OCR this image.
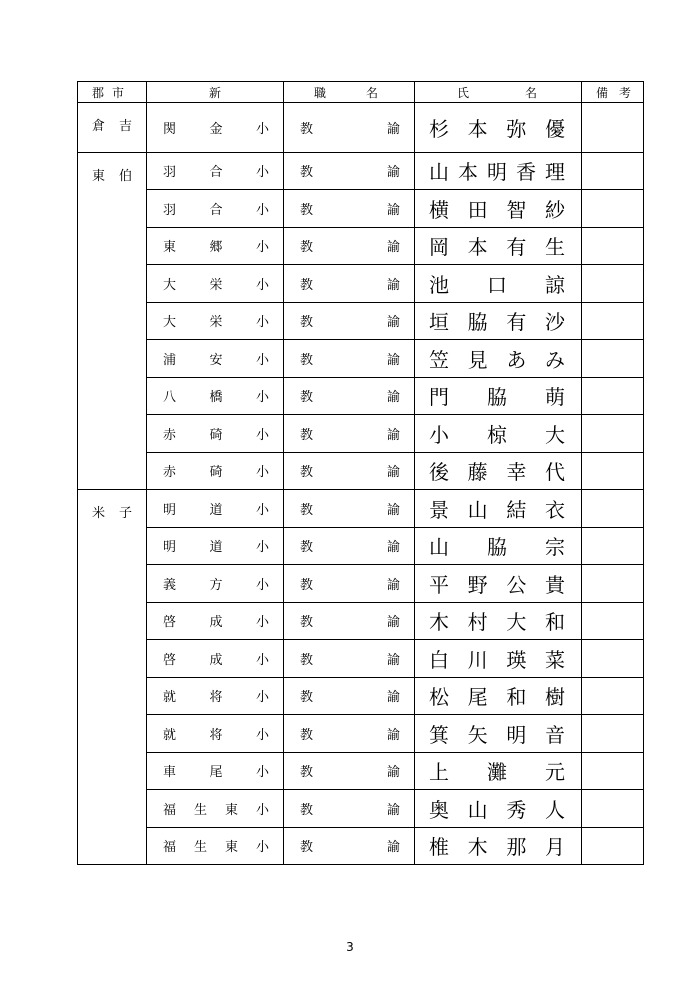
郡 市	新	職 名	氏 名	備 考

倉 吉	関 金 小	教 諭	杉 本 弥 優	

東 伯	羽 合 小	教 諭	山 本 明 香 理	

	羽 合 小	教 諭	横 田 智 紗	

	東 郷 小	教 諭	岡 本 有 生	

	大 栄 小	教 諭	池 口 諒	

	大 栄 小	教 諭	垣 脇 有 沙	

	浦 安 小	教 諭	笠 見 あ み	

	八 橋 小	教 諭	門 脇 萌	

	赤 碕 小	教 諭	小 椋 大	

	赤 碕 小	教 諭	後 藤 幸 代	

米 子	明 道 小	教 諭	景 山 結 衣	

	明 道 小	教 諭	山 脇 宗	

	義 方 小	教 諭	平 野 公 貴	

	啓 成 小	教 諭	木 村 大 和	

	啓 成 小	教 諭	白 川 瑛 菜	

	就 将 小	教 諭	松 尾 和 樹	

	就 将 小	教 諭	箕 矢 明 音	

	車 尾 小	教 諭	上 灘 元	

	福 生 東 小	教 諭	奥 山 秀 人	

	福 生 東 小	教 諭	椎 木 那 月	

3
